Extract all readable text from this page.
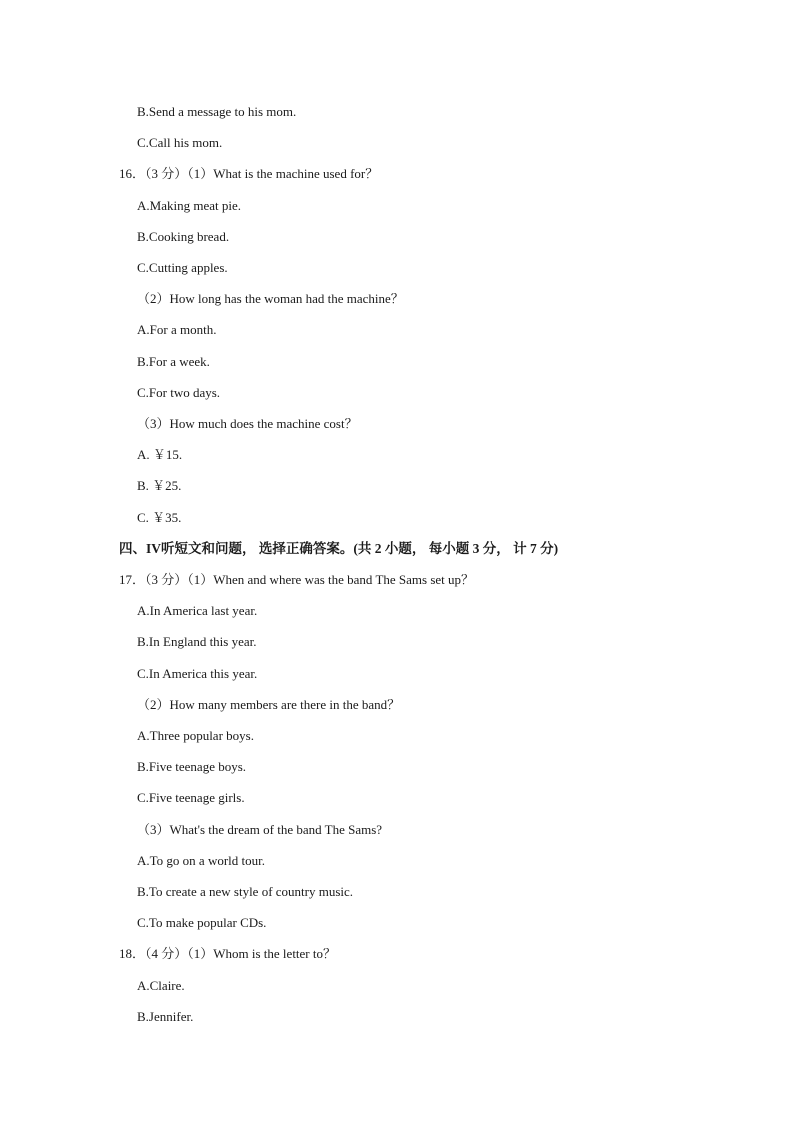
B.Send a message to his mom.
C.Call his mom.
16．（3 分）（1）What is the machine used for？
A.Making meat pie.
B.Cooking bread.
C.Cutting apples.
（2）How long has the woman had the machine？
A.For a month.
B.For a week.
C.For two days.
（3）How much does the machine cost？
A. ￥15.
B. ￥25.
C. ￥35.
四、IV听短文和问题， 选择正确答案。(共 2 小题， 每小题 3 分， 计 7 分)
17．（3 分）（1）When and where was the band The Sams set up？
A.In America last year.
B.In England this year.
C.In America this year.
（2）How many members are there in the band？
A.Three popular boys.
B.Five teenage boys.
C.Five teenage girls.
（3）What's the dream of the band The Sams?
A.To go on a world tour.
B.To create a new style of country music.
C.To make popular CDs.
18．（4 分）（1）Whom is the letter to？
A.Claire.
B.Jennifer.
